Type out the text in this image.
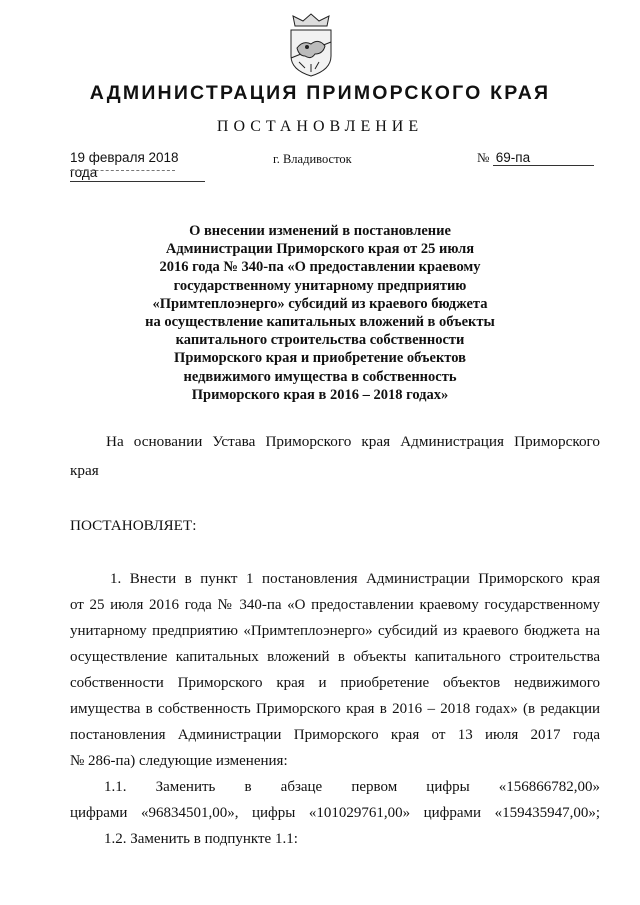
АДМИНИСТРАЦИЯ ПРИМОРСКОГО КРАЯ
ПОСТАНОВЛЕНИЕ
19 февраля 2018 года
г. Владивосток	№ 69-па
О внесении изменений в постановление
Администрации Приморского края от 25 июля
2016 года № 340-па «О предоставлении краевому
государственному унитарному предприятию
«Примтеплоэнерго» субсидий из краевого бюджета
на осуществление капитальных вложений в объекты
капитального строительства собственности
Приморского края и приобретение объектов
недвижимого имущества в собственность
Приморского края в 2016 – 2018 годах»
На основании Устава Приморского края Администрация Приморского
края
ПОСТАНОВЛЯЕТ:
1. Внести в пункт 1 постановления Администрации Приморского края
от 25 июля 2016 года № 340-па «О предоставлении краевому государственному
унитарному предприятию «Примтеплоэнерго» субсидий из краевого бюджета на
осуществление капитальных вложений в объекты капитального строительства
собственности Приморского края и приобретение объектов недвижимого
имущества в собственность Приморского края в 2016 – 2018 годах» (в редакции
постановления Администрации Приморского края от 13 июля 2017 года
№ 286-па) следующие изменения:
1.1. Заменить в абзаце первом цифры «156866782,00»
цифрами «96834501,00», цифры «101029761,00» цифрами «159435947,00»;
1.2. Заменить в подпункте 1.1:
